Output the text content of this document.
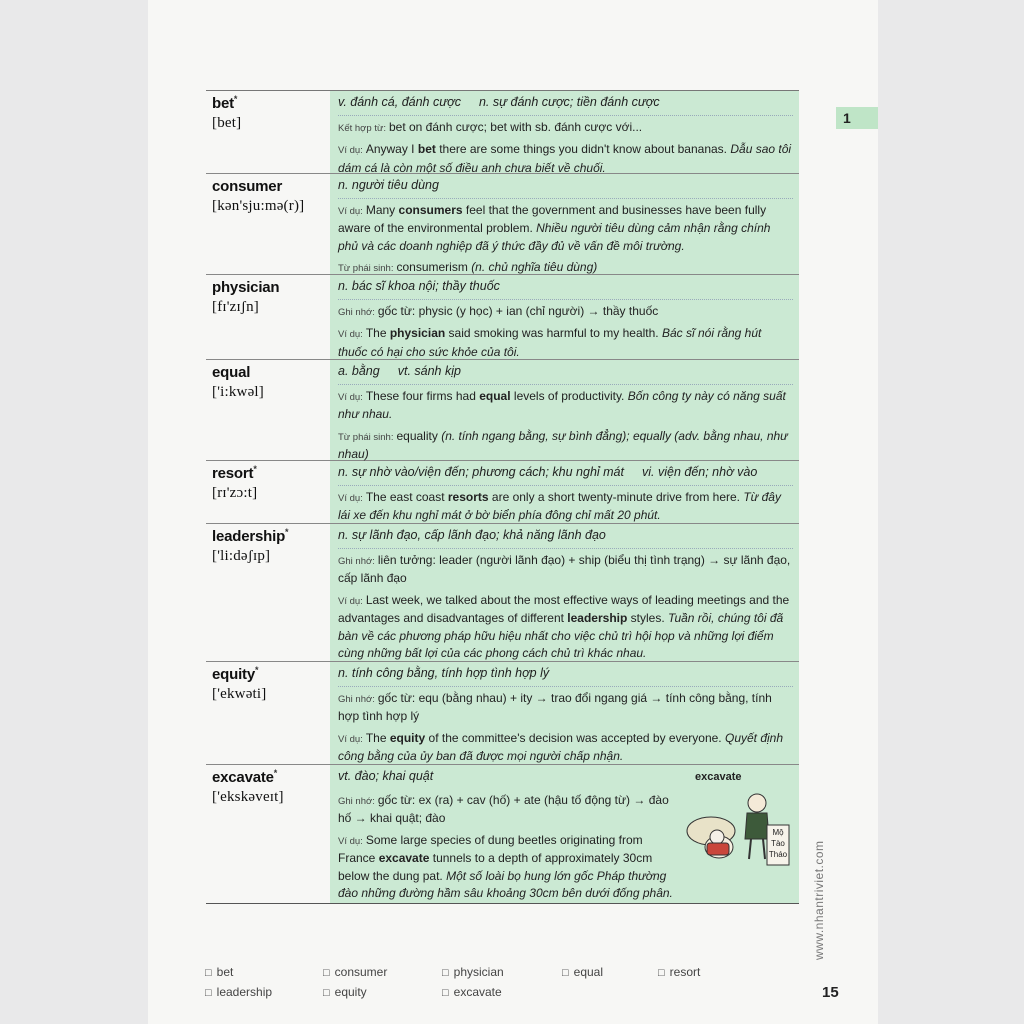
1
bet*
[bet]
v. đánh cá, đánh cược n. sự đánh cược; tiền đánh cược
Kết hợp từ: bet on đánh cược; bet with sb. đánh cược với...
Ví dụ: Anyway I bet there are some things you didn't know about bananas. Dẫu sao tôi dám cá là còn một số điều anh chưa biết về chuối.
consumer
[kən'sju:mə(r)]
n. người tiêu dùng
Ví dụ: Many consumers feel that the government and businesses have been fully aware of the environmental problem. Nhiều người tiêu dùng cảm nhận rằng chính phủ và các doanh nghiệp đã ý thức đầy đủ về vấn đề môi trường.
Từ phái sinh: consumerism (n. chủ nghĩa tiêu dùng)
physician
[fɪ'zɪʃn]
n. bác sĩ khoa nội; thầy thuốc
Ghi nhớ: gốc từ: physic (y học) + ian (chỉ người) → thầy thuốc
Ví dụ: The physician said smoking was harmful to my health. Bác sĩ nói rằng hút thuốc có hại cho sức khỏe của tôi.
equal
['i:kwəl]
a. bằng vt. sánh kịp
Ví dụ: These four firms had equal levels of productivity. Bốn công ty này có năng suất như nhau.
Từ phái sinh: equality (n. tính ngang bằng, sự bình đẳng); equally (adv. bằng nhau, như nhau)
resort*
[rɪ'zɔ:t]
n. sự nhờ vào/viện đến; phương cách; khu nghỉ mát vi. viện đến; nhờ vào
Ví dụ: The east coast resorts are only a short twenty-minute drive from here. Từ đây lái xe đến khu nghỉ mát ở bờ biển phía đông chỉ mất 20 phút.
leadership*
['li:dəʃɪp]
n. sự lãnh đạo, cấp lãnh đạo; khả năng lãnh đạo
Ghi nhớ: liên tưởng: leader (người lãnh đạo) + ship (biểu thị tình trạng) → sự lãnh đạo, cấp lãnh đạo
Ví dụ: Last week, we talked about the most effective ways of leading meetings and the advantages and disadvantages of different leadership styles. Tuần rồi, chúng tôi đã bàn về các phương pháp hữu hiệu nhất cho việc chủ trì hội họp và những lợi điểm cùng những bất lợi của các phong cách chủ trì khác nhau.
equity*
['ekwəti]
n. tính công bằng, tính hợp tình hợp lý
Ghi nhớ: gốc từ: equ (bằng nhau) + ity → trao đổi ngang giá → tính công bằng, tính hợp tình hợp lý
Ví dụ: The equity of the committee's decision was accepted by everyone. Quyết định công bằng của ủy ban đã được mọi người chấp nhận.
excavate*
['ekskəveɪt]
vt. đào; khai quật
Ghi nhớ: gốc từ: ex (ra) + cav (hố) + ate (hậu tố động từ) → đào hố → khai quật; đào
Ví dụ: Some large species of dung beetles originating from France excavate tunnels to a depth of approximately 30cm below the dung pat. Một số loài bọ hung lớn gốc Pháp thường đào những đường hầm sâu khoảng 30cm bên dưới đống phân.
excavate
Mộ
Tào
Tháo www.nhantriviet.com
15
□ bet	□ consumer	□ physician	□ equal	□ resort
□ leadership	□ equity	□ excavate
